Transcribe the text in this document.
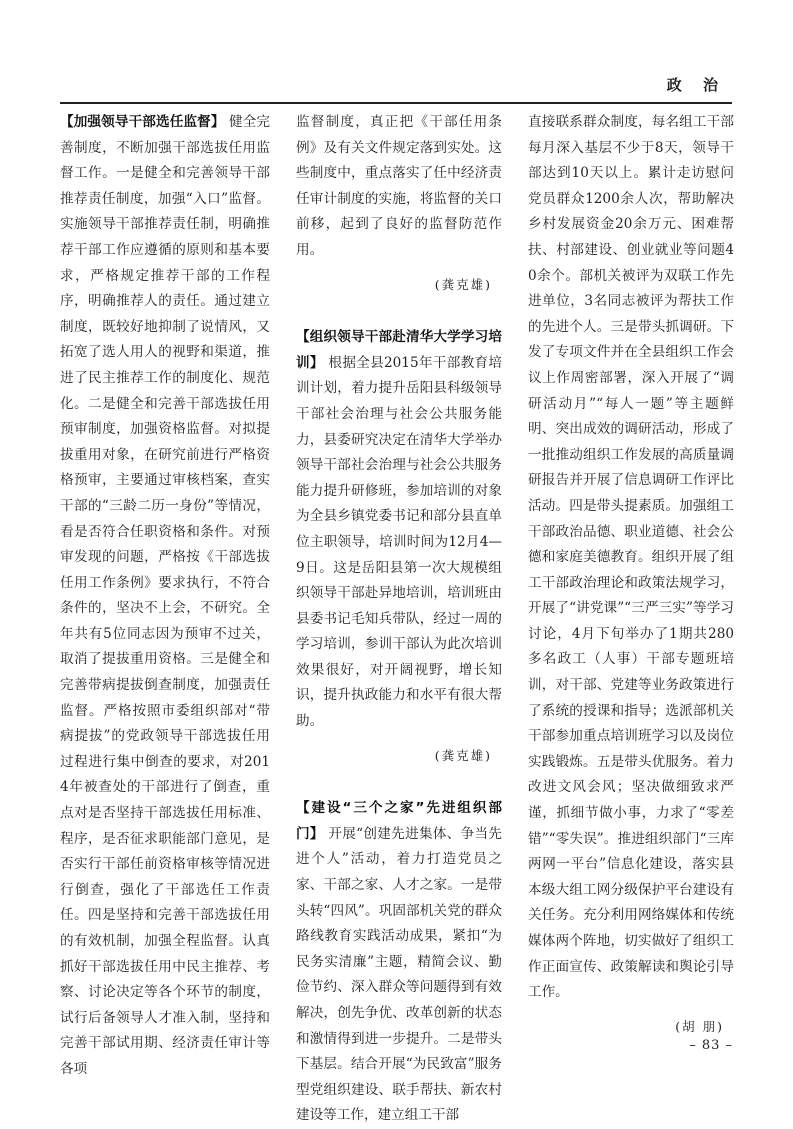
政 治

【加强领导干部选任监督】 健全完善制度，不断加强干部选拔任用监督工作。一是健全和完善领导干部推荐责任制度，加强“入口”监督。实施领导干部推荐责任制，明确推荐干部工作应遵循的原则和基本要求，严格规定推荐干部的工作程序，明确推荐人的责任。通过建立制度，既较好地抑制了说情风，又拓宽了选人用人的视野和渠道，推进了民主推荐工作的制度化、规范化。二是健全和完善干部选拔任用预审制度，加强资格监督。对拟提拔重用对象，在研究前进行严格资格预审，主要通过审核档案，查实干部的“三龄二历一身份”等情况，看是否符合任职资格和条件。对预审发现的问题，严格按《干部选拔任用工作条例》要求执行，不符合条件的，坚决不上会，不研究。全年共有5位同志因为预审不过关，取消了提拔重用资格。三是健全和完善带病提拔倒查制度，加强责任监督。严格按照市委组织部对“带病提拔”的党政领导干部选拔任用过程进行集中倒查的要求，对2014年被查处的干部进行了倒查，重点对是否坚持干部选拔任用标准、程序，是否征求职能部门意见，是否实行干部任前资格审核等情况进行倒查，强化了干部选任工作责任。四是坚持和完善干部选拔任用的有效机制，加强全程监督。认真抓好干部选拔任用中民主推荐、考察、讨论决定等各个环节的制度，试行后备领导人才准入制，坚持和完善干部试用期、经济责任审计等各项

监督制度，真正把《干部任用条例》及有关文件规定落到实处。这些制度中，重点落实了任中经济责任审计制度的实施，将监督的关口前移，起到了良好的监督防范作用。

(龚克雄)

【组织领导干部赴清华大学学习培训】 根据全县2015年干部教育培训计划，着力提升岳阳县科级领导干部社会治理与社会公共服务能力，县委研究决定在清华大学举办领导干部社会治理与社会公共服务能力提升研修班，参加培训的对象为全县乡镇党委书记和部分县直单位主职领导，培训时间为12月4—9日。这是岳阳县第一次大规模组织领导干部赴异地培训，培训班由县委书记毛知兵带队，经过一周的学习培训，参训干部认为此次培训效果很好，对开阔视野，增长知识，提升执政能力和水平有很大帮助。

(龚克雄)

【建设“三个之家”先进组织部门】 开展“创建先进集体、争当先进个人”活动，着力打造党员之家、干部之家、人才之家。一是带头转“四风”。巩固部机关党的群众路线教育实践活动成果，紧扣“为民务实清廉”主题，精简会议、勤俭节约、深入群众等问题得到有效解决，创先争优、改革创新的状态和激情得到进一步提升。二是带头下基层。结合开展“为民致富”服务型党组织建设、联手帮扶、新农村建设等工作，建立组工干部

直接联系群众制度，每名组工干部每月深入基层不少于8天，领导干部达到10天以上。累计走访慰问党员群众1200余人次，帮助解决乡村发展资金20余万元、困难帮扶、村部建设、创业就业等问题40余个。部机关被评为双联工作先进单位，3名同志被评为帮扶工作的先进个人。三是带头抓调研。下发了专项文件并在全县组织工作会议上作周密部署，深入开展了“调研活动月”“每人一题”等主题鲜明、突出成效的调研活动，形成了一批推动组织工作发展的高质量调研报告并开展了信息调研工作评比活动。四是带头提素质。加强组工干部政治品德、职业道德、社会公德和家庭美德教育。组织开展了组工干部政治理论和政策法规学习，开展了“讲党课”“三严三实”等学习讨论，4月下旬举办了1期共280多名政工（人事）干部专题班培训，对干部、党建等业务政策进行了系统的授课和指导；选派部机关干部参加重点培训班学习以及岗位实践锻炼。五是带头优服务。着力改进文风会风；坚决做细致求严谨，抓细节做小事，力求了“零差错”“零失误”。推进组织部门“三库两网一平台”信息化建设，落实县本级大组工网分级保护平台建设有关任务。充分利用网络媒体和传统媒体两个阵地，切实做好了组织工作正面宣传、政策解读和舆论引导工作。

(胡 朋)
– 83 –
